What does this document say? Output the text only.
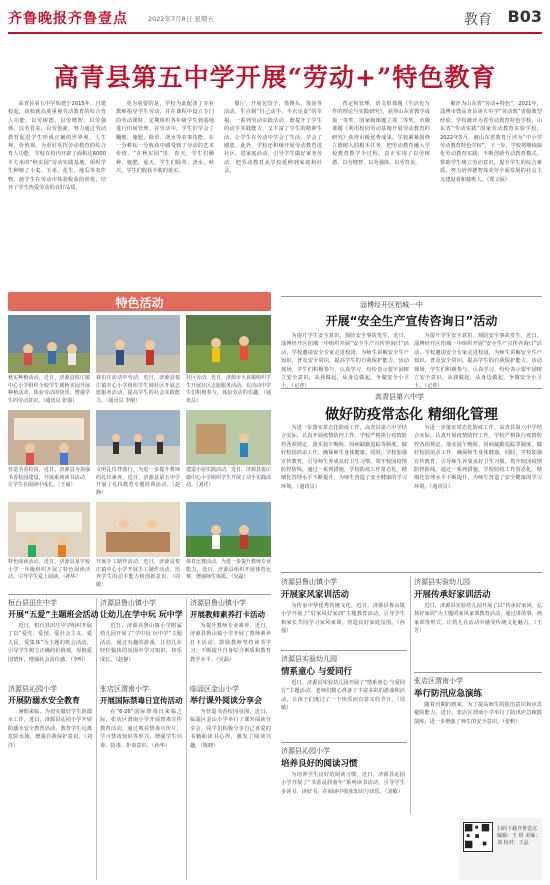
齐鲁晚报齐鲁壹点	2022年7月8日 星期五	教育 B03
高青县第五中学开展“劳动+”特色教育

高青县第五中学始建于2015年，自建校起，该校就高度重视劳动教育的综合育人功能，以劳树德、以劳增智、以劳强体、以劳育美，以劳创新，努力通过劳动教育促进学生形成正确的世界观、人生观、价值观。为更好发挥劳动教育的综合育人功能，学校在校内开辟了面积达6000平方米的“秋实园”劳动实践基地，组织学生种植了小麦、玉米、花生、地瓜等农作物，使学生在劳动中体验收获的喜悦，培养了学生热爱劳动的良好品质。

更为重要的是，学校为此配备了专业教师指导学生劳动，并在课程中设立专门的劳动课时，定期组织各年级学生到基地进行田间管理。在劳动中，学生们学会了翻地、施肥、除草、浇水等农事技能，在一分耕耘一分收获中感受到了劳动的艺术价值。“在秋实园”里，春天，学生们播种、施肥，夏天，学生们除草、浇水，秋天，学生们收获丰收的果实。

餐厅，开展包饺子、蒸馒头、蒸汤等活动，生自制“自己动手，丰衣足食”的幸福。一系列劳动实践活动，既提升了学生的动手实践能力，又丰富了学生的精神生活，让学生在劳动中学会了生活，学会了感恩。此外，学校还积极开展劳动教育进社区、进家庭活动，引导学生做好家务劳动，把劳动教育从学校延伸到家庭和社会。

育定和管理，语文组课题《生活化写作的理论与实践研究》，获得山东省教学成果一等奖，国家级课题立项二等奖，市级课题《利用校园劳动基地开展劳动教育的研究》获得市级优秀成果。学校紧紧围绕立德树人的根本任务，把劳动教育融入学校教育教学全过程，真正实现了以劳树德、以劳增智、以劳强体、以劳育美。

被评为山东省“劳动+特色”。2021年，淄博市暨高青县第五中学“劳动教”省级典型经验，学校被评为省劳动教育特色学校，山东省“劳动实践”国家劳动教育实验学校，2022年5月，被山东省教育厅评为“中小学劳动教育特色学校”。下一步，学校将继续深化劳动教育实践，不断创新劳动教育模式，帮助学生树立劳动意识，提升学生的综合素质，努力培养德智体美劳全面发展的社会主义建设者和接班人。（郑文锰）

特色活动
秋实种植活动，近日，济源县悦庄镇中心小学组织全校学生到秋实园开展种植活动，体验劳动的快乐，增强学生的劳动意识。（通讯员 张强）
我们在活动中劳动，近日，济源县悦庄镇中心小学组织学生到社区开展志愿服务活动，提高学生的社会实践能力。（通讯员 李刚）
社区劳动，近日，济源市大良镇组织学生开展社区志愿服务活动，在活动中学生们积极参与，体验劳动的乐趣。（通讯员）
营造书香校园，近日，济源县为加强书香校园建设，开展系列读书活动，让学生在阅读中成长。（王丽）
文明礼仪伴我行，为进一步提升教师的礼仪素养，近日，济源县第五中学开展了礼仪教育专题培训活动。（赵静）
建造小屋实践活动，近日，济源县悦庄镇中心小学组织学生开展了动手实践活动。（刘洋）
特色阅读活动，近日，济源县某学校小学一年级组织开展了特色阅读活动，引导学生爱上阅读。（孙华）
开展手工制作活动，近日，济源县悦庄镇中心小学开展手工制作活动，培养学生的动手能力和创新意识。（周敏）
体育比赛活动，为进一步提升教师专业能力，近日，济源县组织开展体育比赛，增强师生体质。（吴磊）
淄博经开区铝城一中
开展“安全生产宣传咨询日”活动

为提升学生安全意识，预防安全事故发生，近日，淄博经开区铝城一中组织开展“安全生产宣传咨询日”活动，学校邀请安全专家走进校园，为师生讲解安全生产知识，普及安全常识，提高学生的自我保护能力。活动现场，学生们积极参与，认真学习，纷纷表示要牢固树立安全意识，从我做起，从身边做起，争做安全小卫士。（记者）

为提升学生安全意识，预防安全事故发生，近日，淄博经开区铝城一中组织开展“安全生产宣传咨询日”活动，学校邀请安全专家走进校园，为师生讲解安全生产知识，普及安全常识，提高学生的自我保护能力。活动现场，学生们积极参与，认真学习，纷纷表示要牢固树立安全意识，从我做起，从身边做起，争做安全小卫士。（记者）

高青县第六中学
做好防疫常态化 精细化管理

为进一步落实常态化防疫工作，高青县第六中学结合实际，认真开展疫情防控工作。学校严格执行疫情防控各项规定，落实晨午晚检、因病缺勤追踪等制度，做好校园消杀工作，确保师生身体健康。同时，学校加强宣传教育，引导师生养成良好卫生习惯，筑牢校园疫情防控防线。通过一系列措施，学校防疫工作常态化、精细化管理水平不断提升，为师生营造了安全健康的学习环境。（通讯员）

为进一步落实常态化防疫工作，高青县第六中学结合实际，认真开展疫情防控工作。学校严格执行疫情防控各项规定，落实晨午晚检、因病缺勤追踪等制度，做好校园消杀工作，确保师生身体健康。同时，学校加强宣传教育，引导师生养成良好卫生习惯，筑牢校园疫情防控防线。通过一系列措施，学校防疫工作常态化、精细化管理水平不断提升，为师生营造了安全健康的学习环境。（通讯员）

济源县鲁山镇小学
开展家风家训活动

为传承中华优秀传统文化，近日，济源县鲁山镇小学开展了“好家风好家训”主题教育活动，引导学生和家长共同学习家风家训，营造良好家庭氛围。（孙强）

济源县实验幼儿园
开展传承好家训活动

近日，济源县实验幼儿园开展了以“传承好家风，弘扬好家训”为主题的家风家训教育活动，通过讲故事、画家训等形式，让幼儿在活动中感受传统文化魅力。（王芳）

济源县实验幼儿园
情系童心 与爱同行

近日，济源县实验幼儿园开展了“情系童心 与爱同行”主题活动，老师们精心准备了丰富多彩的游戏和活动，让孩子们度过了一个快乐而有意义的节日。（周敏）

张店区渭南小学
举行防汛应急演练

随着汛期的到来，为了提高师生的防汛意识和应急避险能力，近日，张店区渭南小学举行了防汛应急疏散演练，进一步增强了师生的安全意识。（张帆）

桓台县田庄中学
开展“五爱”主题班会活动

近日，桓台县田庄中学组织开展了以“爱党、爱国、爱社会主义、爱人民、爱集体”为主题的班会活动，引导学生树立正确的价值观，厚植爱国情怀，增强社会责任感。（李明）

济源县沁园小学
开展防溺水安全教育

暑假来临，为切实做好学生防溺水工作，近日，济源县沁园小学开展防溺水安全教育活动，教育学生远离危险水域，增强自我保护意识。（刘洋）

济源县鲁山镇小学
让幼儿在学中玩 玩中学

近日，济源县鲁山镇小学附属幼儿园开展了“学中玩 玩中学”主题活动，通过有趣的游戏，让幼儿在轻松愉快的氛围中学习知识，快乐成长。（赵静）

张店区渭南小学
开展国际禁毒日宣传活动

在“6·26”国际禁毒日来临之际，张店区渭南小学开展禁毒宣传教育活动，通过观看禁毒宣传片、学习禁毒知识等形式，增强学生识毒、防毒、拒毒意识。（孙华）

济源县鲁山镇小学
开展教师素养打卡活动

为提升教师专业素养，近日，济源县鲁山镇小学开展了教师素养打卡活动，鼓励教师坚持读书学习，不断提升自身综合素质和教育教学水平。（吴磊）

临淄区金山小学
举行课外阅读分享会

为营造书香校园氛围，近日，临淄区金山小学举行了课外阅读分享会，同学们积极分享自己喜爱的书籍和读书心得，激发了阅读兴趣。（陈晓）

济源县沁园小学
培养良好的阅读习惯

为培养学生良好的阅读习惯，近日，济源县沁园小学开展了“书香浸润童年”系列读书活动，引导学生多读书、读好书，在阅读中收获知识与快乐。（刘敏）

扫码下载齐鲁壹点 编辑：王 组 美编：刘 校对：王晶
